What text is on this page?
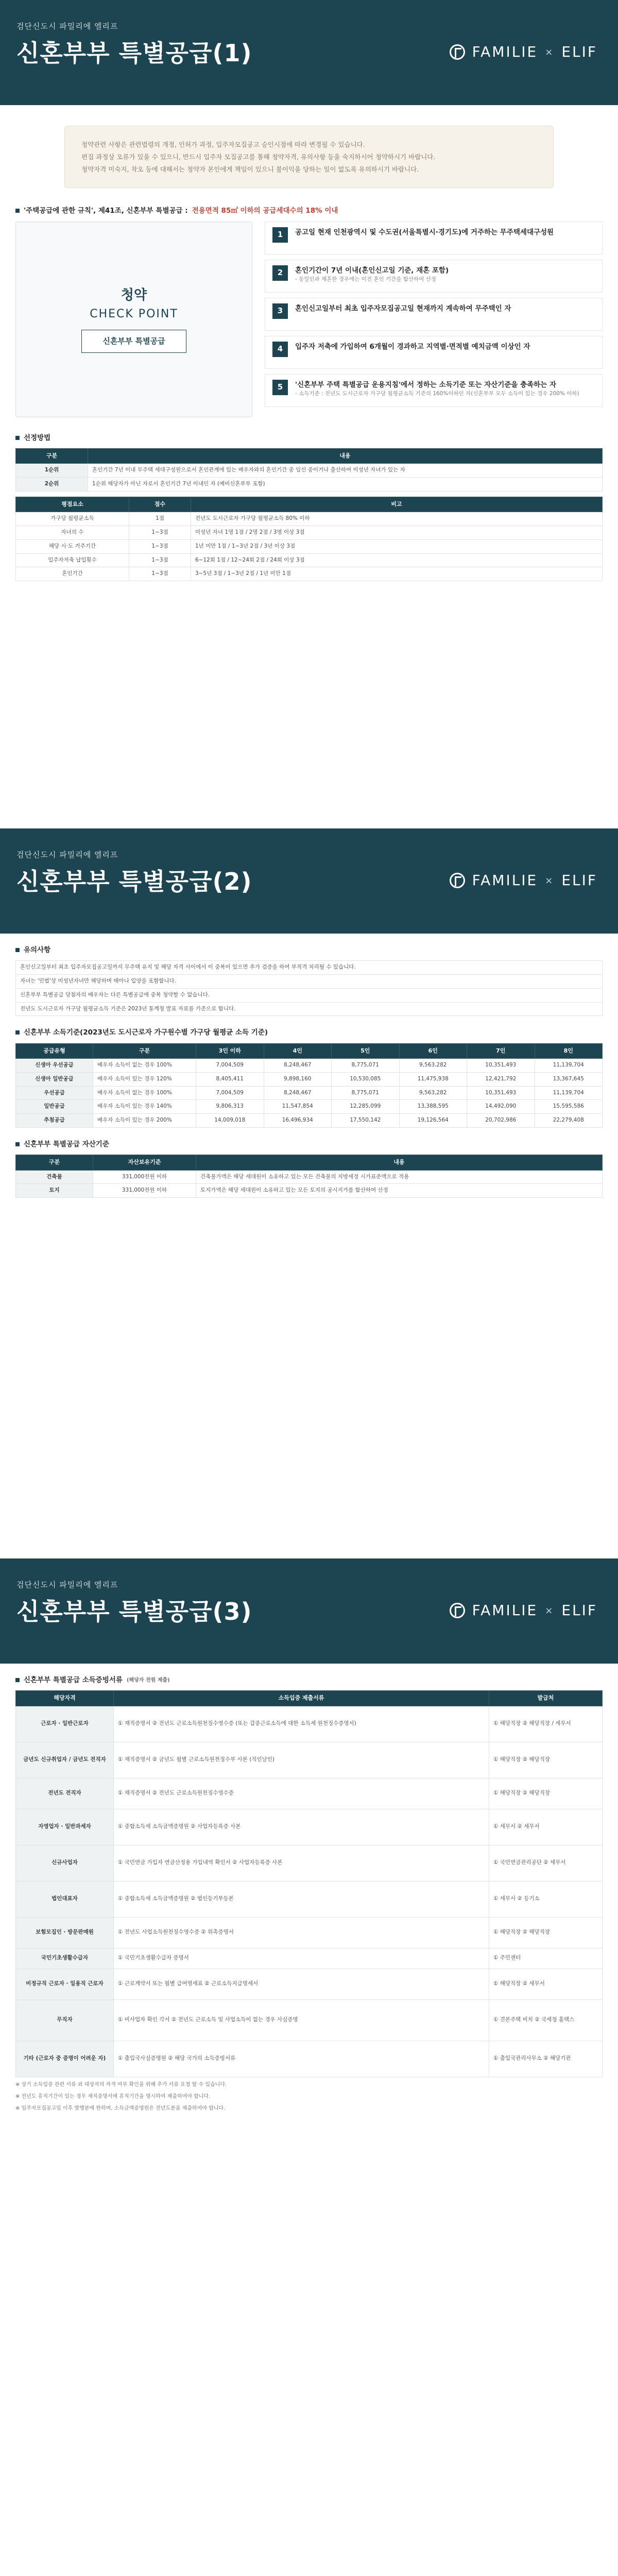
검단신도시 파밀리에 엘리프
신혼부부 특별공급(1)	FAMILIE × ELIF

청약관련 사항은 관련법령의 개정, 인허가 과정, 입주자모집공고 승인시점에 따라 변경될 수 있습니다.

편집 과정상 오류가 있을 수 있으니, 반드시 입주자 모집공고를 통해 청약자격, 유의사항 등을 숙지하시어 청약하시기 바랍니다.

청약자격 미숙지, 착오 등에 대해서는 청약자 본인에게 책임이 있으니 불이익을 당하는 일이 없도록 유의하시기 바랍니다.

'주택공급에 관한 규칙', 제41조, 신혼부부 특별공급 : 전용면적 85㎡ 이하의 공급세대수의 18% 이내
청약
CHECK POINT
신혼부부 특별공급
1	공고일 현재 인천광역시 및 수도권(서울특별시·경기도)에 거주하는 무주택세대구성원
2	혼인기간이 7년 이내(혼인신고일 기준, 재혼 포함)
- 동일인과 재혼한 경우에는 이전 혼인 기간을 합산하여 산정
3	혼인신고일부터 최초 입주자모집공고일 현재까지 계속하여 무주택인 자
4	입주자 저축에 가입하여 6개월이 경과하고 지역별·면적별 예치금액 이상인 자
5	'신혼부부 주택 특별공급 운용지침'에서 정하는 소득기준 또는 자산기준을 충족하는 자
- 소득기준 : 전년도 도시근로자 가구당 월평균소득 기준의 160%이하인 자(신혼부부 모두 소득이 있는 경우 200% 이하)
선정방법
구분	내용
1순위	혼인기간 7년 이내 무주택 세대구성원으로서 혼인관계에 있는 배우자와의 혼인기간 중 임신 중이거나 출산하여 미성년 자녀가 있는 자
2순위	1순위 해당자가 아닌 자로서 혼인기간 7년 이내인 자 (예비신혼부부 포함)
평점요소	점수	비고
가구당 월평균소득	1점	전년도 도시근로자 가구당 월평균소득 80% 이하
자녀의 수	1~3점	미성년 자녀 1명 1점 / 2명 2점 / 3명 이상 3점
해당 시·도 거주기간	1~3점	1년 미만 1점 / 1~3년 2점 / 3년 이상 3점
입주자저축 납입횟수	1~3점	6~12회 1점 / 12~24회 2점 / 24회 이상 3점
혼인기간	1~3점	3~5년 3점 / 1~3년 2점 / 1년 미만 1점
검단신도시 파밀리에 엘리프
신혼부부 특별공급(2)	FAMILIE × ELIF
유의사항
혼인신고일부터 최초 입주자모집공고일까지 무주택 유지 및 해당 자격 사이에서 이 중복이 있으면 추가 검증을 하여 부적격 처리될 수 있습니다.
자녀는 '민법'상 미성년자녀만 해당하며 태아나 입양을 포함합니다.
신혼부부 특별공급 당첨자의 배우자는 다른 특별공급에 중복 청약할 수 없습니다.
전년도 도시근로자 가구당 월평균소득 기준은 2023년 통계청 발표 자료를 기준으로 합니다.
신혼부부 소득기준(2023년도 도시근로자 가구원수별 가구당 월평균 소득 기준)
공급유형	구분	3인 이하	4인	5인	6인	7인	8인
신생아 우선공급	배우자 소득이 없는 경우 100%	7,004,509	8,248,467	8,775,071	9,563,282	10,351,493	11,139,704
신생아 일반공급	배우자 소득이 있는 경우 120%	8,405,411	9,898,160	10,530,085	11,475,938	12,421,792	13,367,645
우선공급	배우자 소득이 없는 경우 100%	7,004,509	8,248,467	8,775,071	9,563,282	10,351,493	11,139,704
일반공급	배우자 소득이 있는 경우 140%	9,806,313	11,547,854	12,285,099	13,388,595	14,492,090	15,595,586
추첨공급	배우자 소득이 있는 경우 200%	14,009,018	16,496,934	17,550,142	19,126,564	20,702,986	22,279,408
신혼부부 특별공급 자산기준
구분	자산보유기준	내용
건축물	331,000천원 이하	건축물가액은 해당 세대원이 소유하고 있는 모든 건축물의 지방세정 시가표준액으로 적용
토지	331,000천원 이하	토지가액은 해당 세대원이 소유하고 있는 모든 토지의 공시지가를 합산하여 산정
검단신도시 파밀리에 엘리프
신혼부부 특별공급(3)	FAMILIE × ELIF
신혼부부 특별공급 소득증빙서류 (해당자 전원 제출)
해당자격	소득입증 제출서류	발급처
근로자 · 일반근로자	① 재직증명서 ② 전년도 근로소득원천징수영수증 (또는 갑종근로소득에 대한 소득세 원천징수증명서)	① 해당직장 ② 해당직장 / 세무서
금년도 신규취업자 / 금년도 전직자	① 재직증명서 ② 금년도 월별 근로소득원천징수부 사본 (직인날인)	① 해당직장 ② 해당직장
전년도 전직자	① 재직증명서 ② 전년도 근로소득원천징수영수증	① 해당직장 ② 해당직장
자영업자 · 일반과세자	① 종합소득세 소득금액증명원 ② 사업자등록증 사본	① 세무서 ② 세무서
신규사업자	① 국민연금 가입자 연금산정용 가입내역 확인서 ② 사업자등록증 사본	① 국민연금관리공단 ② 세무서
법인대표자	① 종합소득세 소득금액증명원 ② 법인등기부등본	① 세무서 ② 등기소
보험모집인 · 방문판매원	① 전년도 사업소득원천징수영수증 ② 위촉증명서	① 해당직장 ② 해당직장
국민기초생활수급자	① 국민기초생활수급자 증명서	① 주민센터
비정규직 근로자 · 일용직 근로자	① 근로계약서 또는 월별 급여명세표 ② 근로소득지급명세서	① 해당직장 ② 세무서
무직자	① 비사업자 확인 각서 ② 전년도 근로소득 및 사업소득이 없는 경우 사실증명	① 견본주택 비치 ② 국세청 홈택스
기타 (근로자 중 증명이 어려운 자)	① 출입국사실증명원 ② 해당 국가의 소득증빙서류	① 출입국관리사무소 ② 해당기관
※ 상기 소득입증 관련 서류 외 대상자의 자격 여부 확인을 위해 추가 서류 요청 할 수 있습니다.
※ 전년도 휴직기간이 있는 경우 재직증명서에 휴직기간을 명시하여 제출하여야 합니다.
※ 입주자모집공고일 이후 발행분에 한하며, 소득금액증명원은 전년도분을 제출하여야 합니다.
